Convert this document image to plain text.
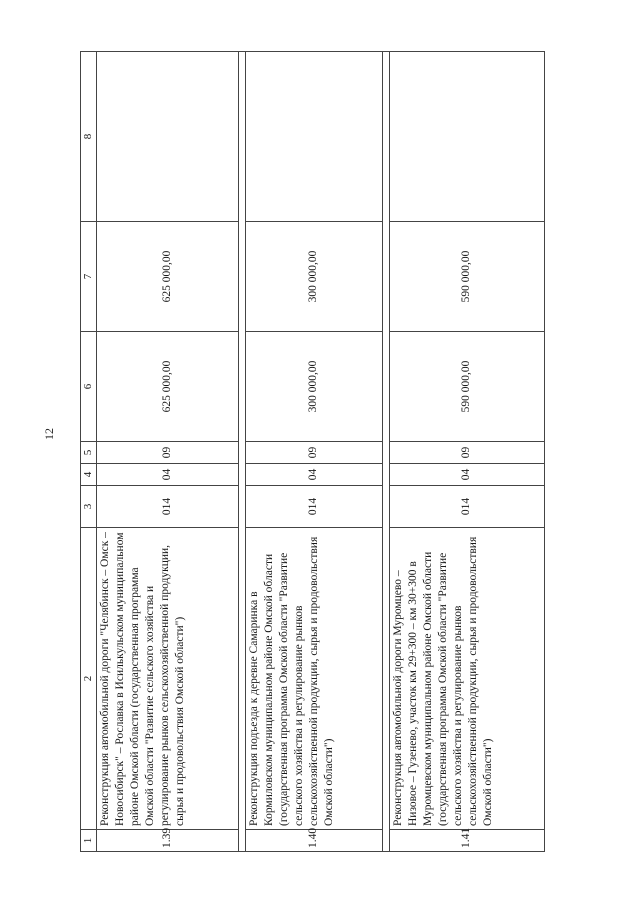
12
1	2	3	4	5	6	7	8
1.39	Реконструкция автомобильной дороги "Челябинск – Омск – Новосибирск" – Рославка в Исилькульском муниципальном районе Омской области (государственная программа Омской области "Развитие сельского хозяйства и регулирование рынков сельскохозяйственной продукции, сырья и продовольствия Омской области")	014	04	09	625 000,00	625 000,00	

1.40	Реконструкция подъезда к деревне Самаринка в Кормиловском муниципальном районе Омской области (государственная программа Омской области "Развитие сельского хозяйства и регулирование рынков сельскохозяйственной продукции, сырья и продовольствия Омской области")	014	04	09	300 000,00	300 000,00	

1.41	Реконструкция автомобильной дороги Муромцево – Низовое – Гузенево, участок км 29+300 – км 30+300 в Муромцевском муниципальном районе Омской области (государственная программа Омской области "Развитие сельского хозяйства и регулирование рынков сельскохозяйственной продукции, сырья и продовольствия Омской области")	014	04	09	590 000,00	590 000,00	
